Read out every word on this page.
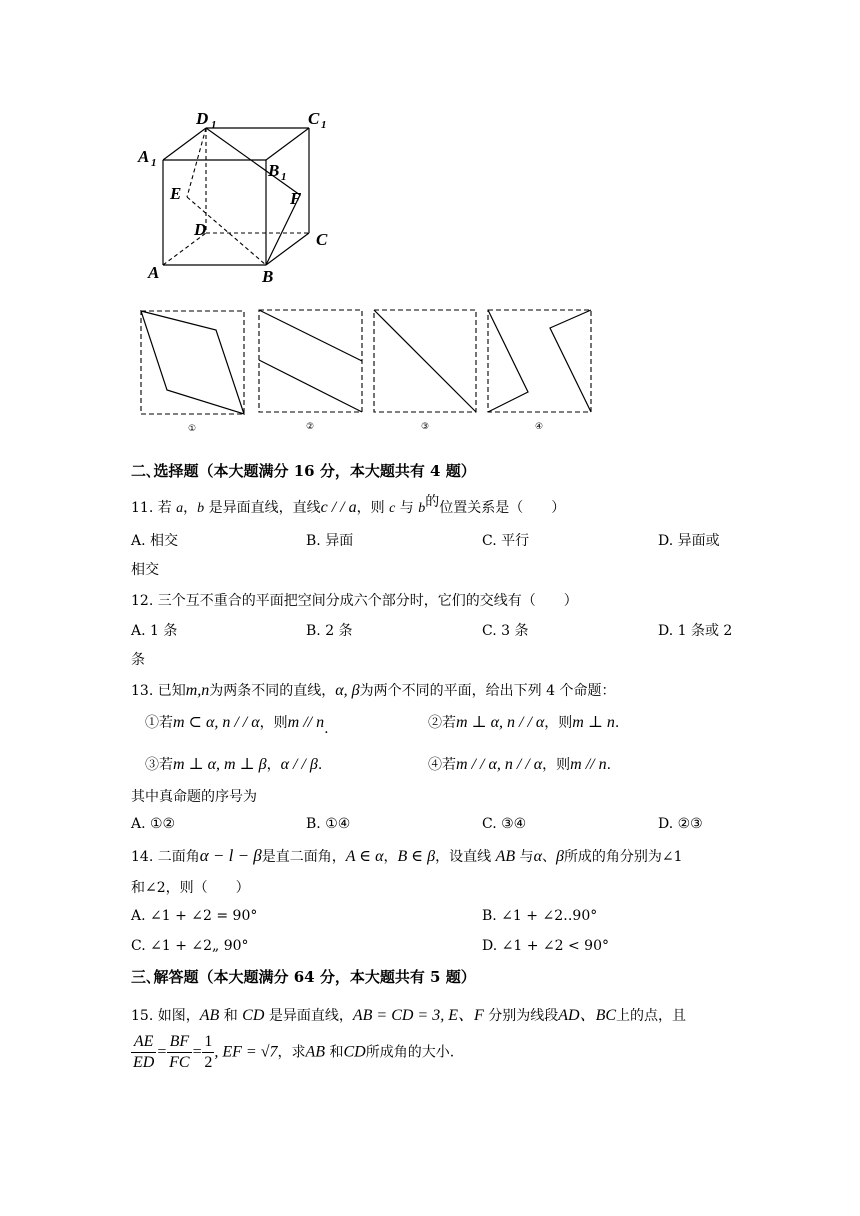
D 1	C 1
A 1	B 1
E	F
D
C
A	B
①	②	③	④
二､选择题（本大题满分 16 分，本大题共有 4 题）
11. 若 a，b 是异面直线，直线c / / a，则 c 与 b的位置关系是（　　）
A. 相交	B. 异面	C. 平行	D. 异面或
相交
12. 三个互不重合的平面把空间分成六个部分时，它们的交线有（　　）
A. 1 条	B. 2 条	C. 3 条	D. 1 条或 2
条
13. 已知m,n为两条不同的直线，α, β为两个不同的平面，给出下列 4 个命题：
①若m ⊂ α, n / / α，则m // n.	②若m ⊥ α, n / / α，则m ⊥ n.
③若m ⊥ α, m ⊥ β，α / / β.	④若m / / α, n / / α，则m // n.
其中真命题的序号为
A. ①②	B. ①④	C. ③④	D. ②③
14. 二面角α − l − β是直二面角，A ∈ α，B ∈ β，设直线 AB 与α、β所成的角分别为∠1
和∠2，则（　　）
A. ∠1 + ∠2 = 90°	B. ∠1 + ∠2‥90°
C. ∠1 + ∠2„ 90°	D. ∠1 + ∠2 < 90°
三､解答题（本大题满分 64 分，本大题共有 5 题）
15. 如图，AB 和 CD 是异面直线，AB = CD = 3, E、F 分别为线段AD、BC上的点，且
$\frac{AE}{ED} = \frac{BF}{FC} = \frac{1}{2}$ , EF = √7，求AB 和CD所成角的大小.
